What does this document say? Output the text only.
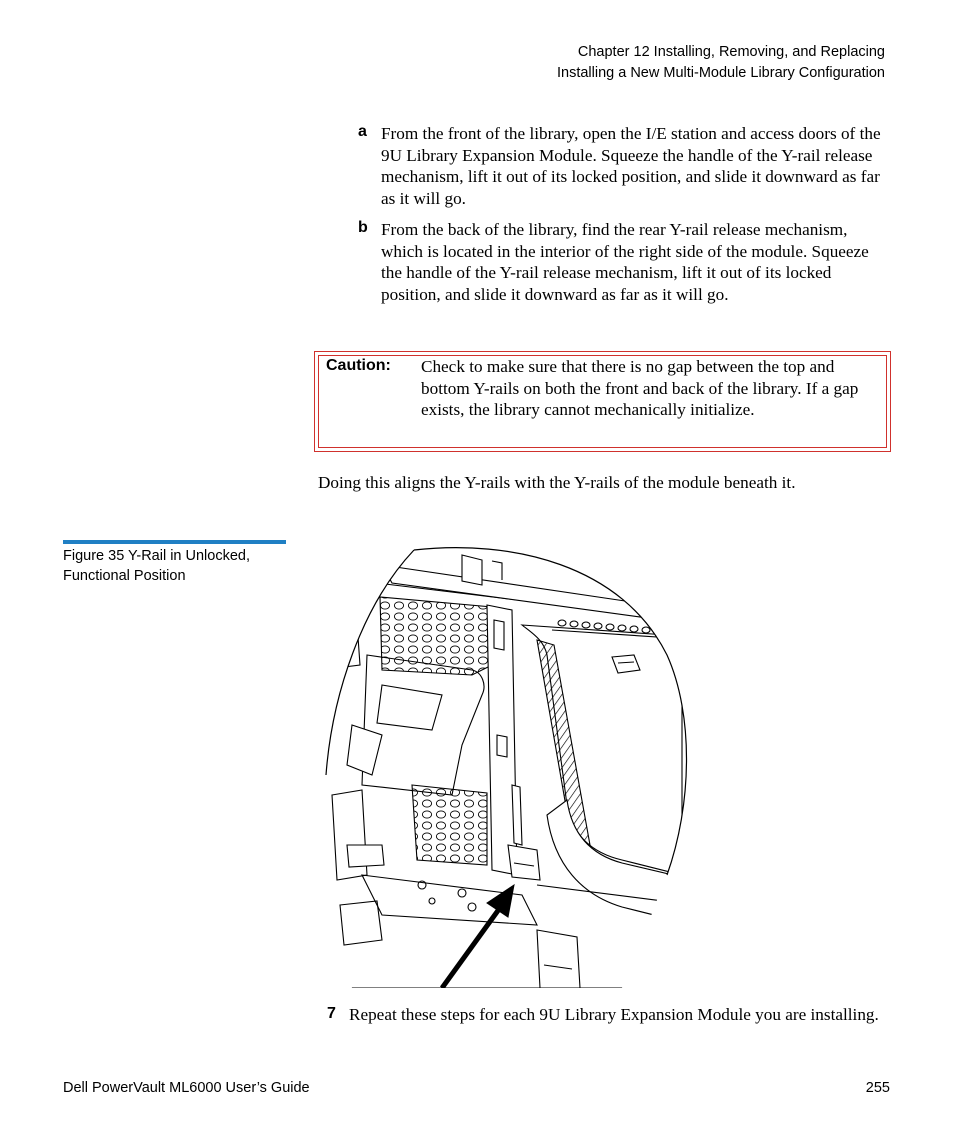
Chapter 12 Installing, Removing, and Replacing
Installing a New Multi-Module Library Configuration
a From the front of the library, open the I/E station and access doors of the 9U Library Expansion Module. Squeeze the handle of the Y-rail release mechanism, lift it out of its locked position, and slide it downward as far as it will go.
b From the back of the library, find the rear Y-rail release mechanism, which is located in the interior of the right side of the module. Squeeze the handle of the Y-rail release mechanism, lift it out of its locked position, and slide it downward as far as it will go.
Caution: Check to make sure that there is no gap between the top and bottom Y-rails on both the front and back of the library. If a gap exists, the library cannot mechanically initialize.
Doing this aligns the Y-rails with the Y-rails of the module beneath it.
Figure 35 Y-Rail in Unlocked, Functional Position
7 Repeat these steps for each 9U Library Expansion Module you are installing.
Dell PowerVault ML6000 User’s Guide	255
